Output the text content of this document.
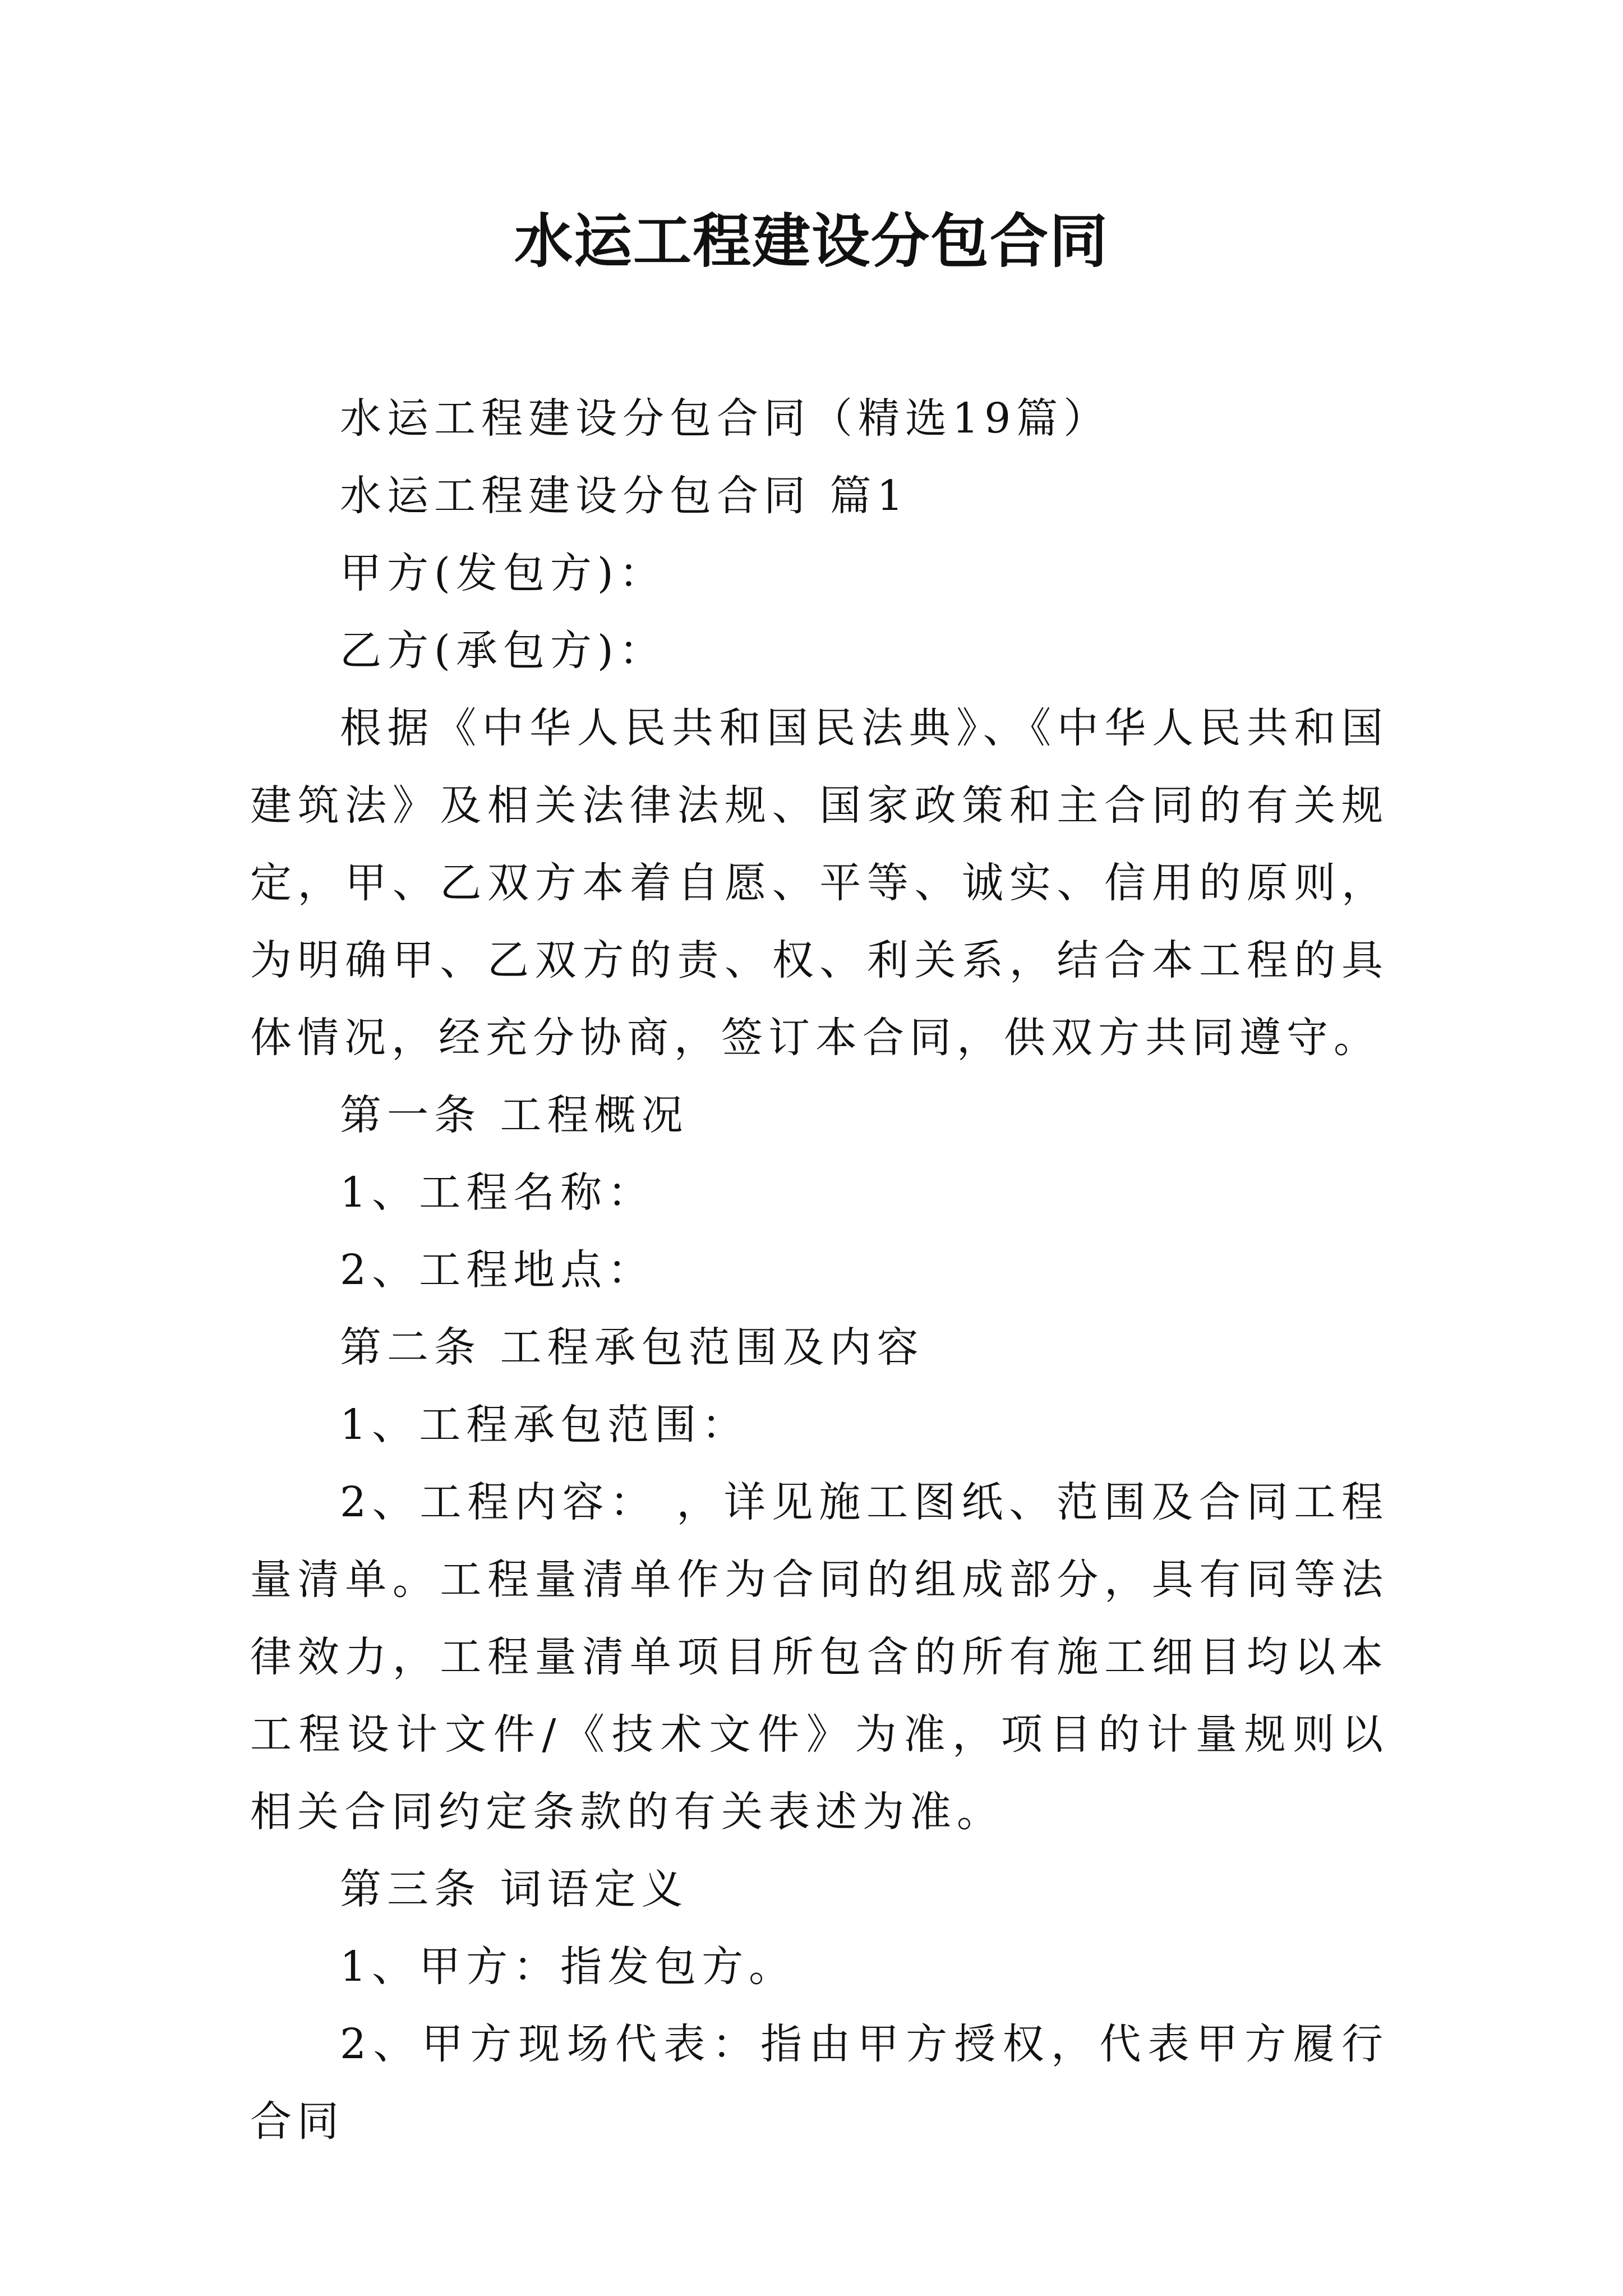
水运工程建设分包合同

水运工程建设分包合同（精选19篇）

水运工程建设分包合同 篇1

甲方(发包方)：

乙方(承包方)：

根据《中华人民共和国民法典》、《中华人民共和国建筑法》及相关法律法规、国家政策和主合同的有关规定，甲、乙双方本着自愿、平等、诚实、信用的原则，为明确甲、乙双方的责、权、利关系，结合本工程的具体情况，经充分协商，签订本合同，供双方共同遵守。

第一条 工程概况

1、工程名称：

2、工程地点：

第二条 工程承包范围及内容

1、工程承包范围：

2、工程内容： ，详见施工图纸、范围及合同工程量清单。工程量清单作为合同的组成部分，具有同等法律效力，工程量清单项目所包含的所有施工细目均以本工程设计文件/《技术文件》为准，项目的计量规则以相关合同约定条款的有关表述为准。

第三条 词语定义

1、甲方：指发包方。

2、甲方现场代表：指由甲方授权，代表甲方履行合同
